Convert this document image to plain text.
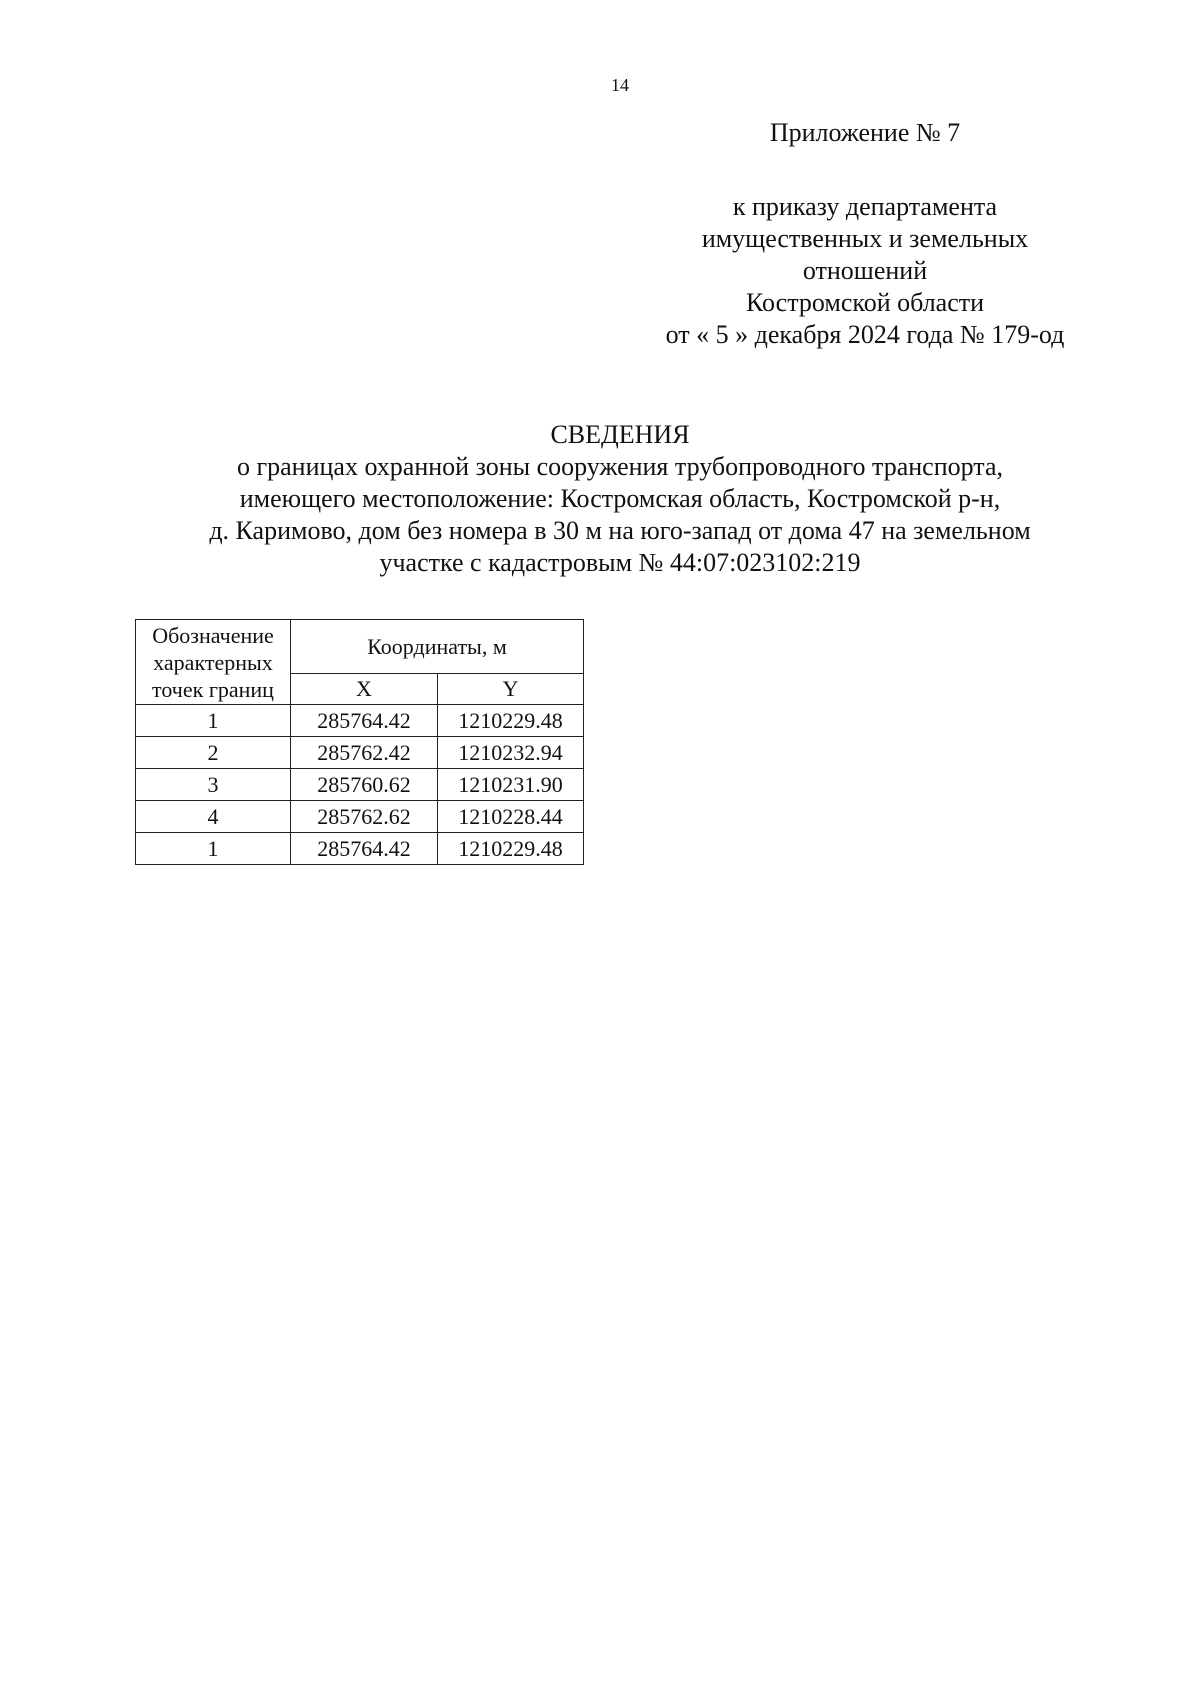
14
Приложение № 7
к приказу департамента
имущественных и земельных
отношений
Костромской области
от « 5 » декабря 2024 года № 179-од
СВЕДЕНИЯ
о границах охранной зоны сооружения трубопроводного транспорта,
имеющего местоположение: Костромская область, Костромской р-н,
д. Каримово, дом без номера в 30 м на юго-запад от дома 47 на земельном
участке с кадастровым № 44:07:023102:219
Обозначение
характерных
точек границ	Координаты, м	
	X	Y
1	285764.42	1210229.48
2	285762.42	1210232.94
3	285760.62	1210231.90
4	285762.62	1210228.44
1	285764.42	1210229.48
